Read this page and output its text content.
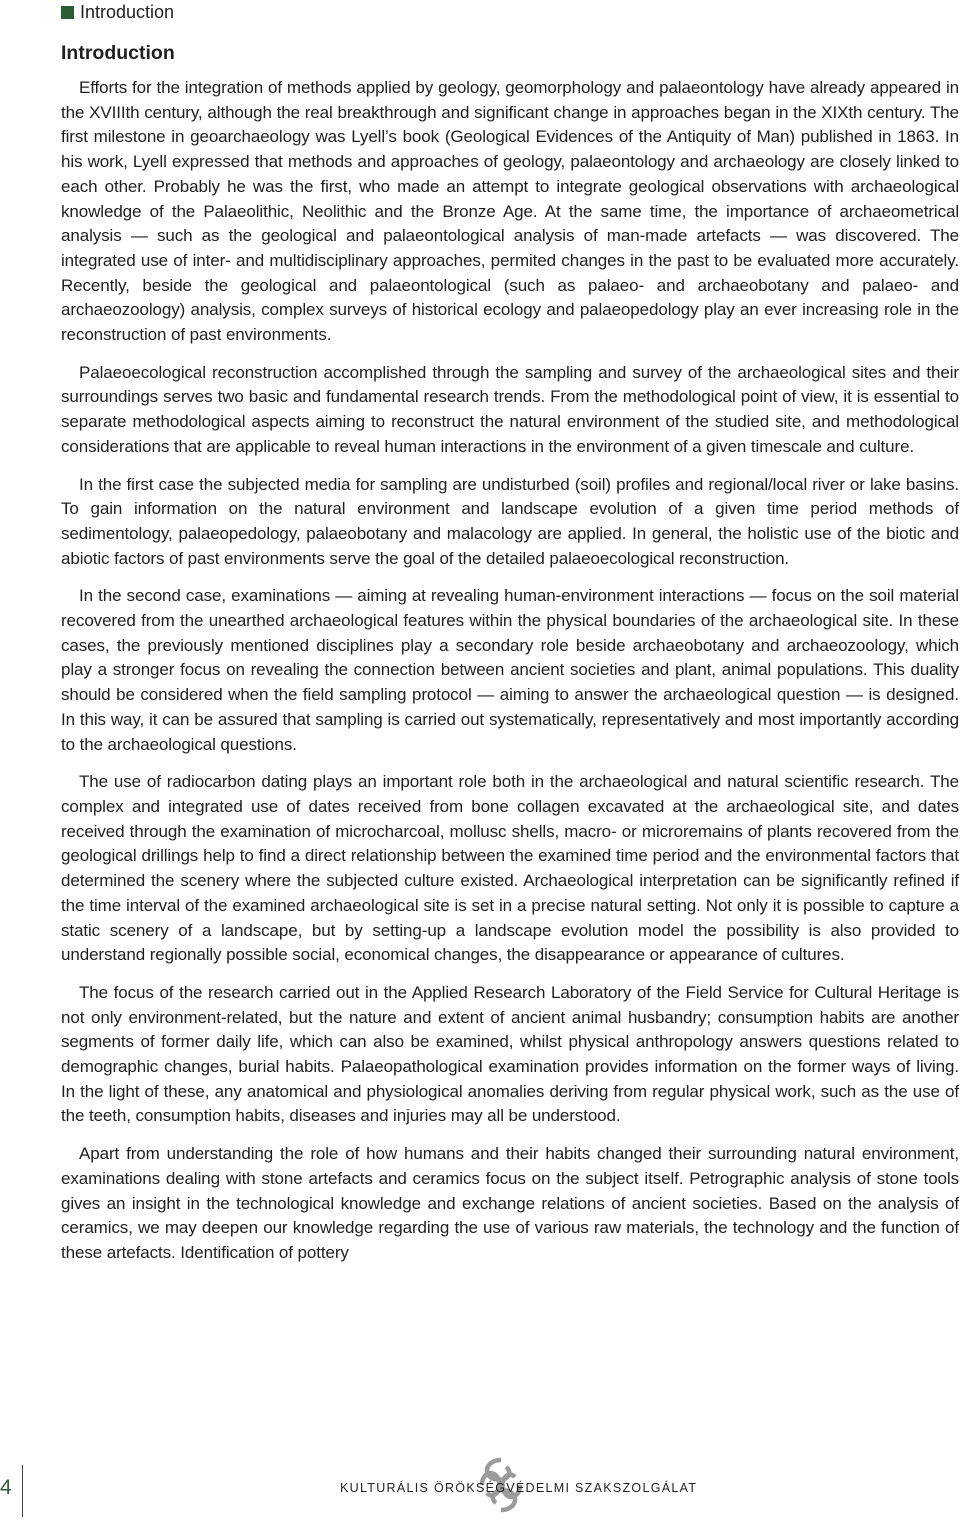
Introduction
Introduction

Efforts for the integration of methods applied by geology, geomorphology and palaeontology have already appeared in the XVIIIth century, although the real breakthrough and significant change in approaches began in the XIXth century. The first milestone in geoarchaeology was Lyell’s book (Geological Evidences of the Antiquity of Man) published in 1863. In his work, Lyell expressed that methods and approaches of geology, palaeontology and archaeology are closely linked to each other. Probably he was the first, who made an attempt to integrate geological observations with archaeological knowledge of the Palaeolithic, Neolithic and the Bronze Age. At the same time, the importance of archaeometrical analysis — such as the geological and palaeontological analysis of man-made artefacts — was discovered. The integrated use of inter- and multidisciplinary approaches, permited changes in the past to be evaluated more accurately. Recently, beside the geological and palaeontological (such as palaeo- and archaeobotany and palaeo- and archaeozoology) analysis, complex surveys of historical ecology and palaeopedology play an ever increasing role in the reconstruction of past environments.

Palaeoecological reconstruction accomplished through the sampling and survey of the archaeological sites and their surroundings serves two basic and fundamental research trends. From the methodological point of view, it is essential to separate methodological aspects aiming to reconstruct the natural environment of the studied site, and methodological considerations that are applicable to reveal human interactions in the environment of a given timescale and culture.

In the first case the subjected media for sampling are undisturbed (soil) profiles and regional/local river or lake basins. To gain information on the natural environment and landscape evolution of a given time period methods of sedimentology, palaeopedology, palaeobotany and malacology are applied. In general, the holistic use of the biotic and abiotic factors of past environments serve the goal of the detailed palaeoecological reconstruction.

In the second case, examinations — aiming at revealing human-environment interactions — focus on the soil material recovered from the unearthed archaeological features within the physical boundaries of the archaeological site. In these cases, the previously mentioned disciplines play a secondary role beside archaeobotany and archaeozoology, which play a stronger focus on revealing the connection between ancient societies and plant, animal populations. This duality should be considered when the field sampling protocol — aiming to answer the archaeological question — is designed. In this way, it can be assured that sampling is carried out systematically, representatively and most importantly according to the archaeological questions.

The use of radiocarbon dating plays an important role both in the archaeological and natural scientific research. The complex and integrated use of dates received from bone collagen excavated at the archaeological site, and dates received through the examination of microcharcoal, mollusc shells, macro- or microremains of plants recovered from the geological drillings help to find a direct relationship between the examined time period and the environmental factors that determined the scenery where the subjected culture existed. Archaeological interpretation can be significantly refined if the time interval of the examined archaeological site is set in a precise natural setting. Not only it is possible to capture a static scenery of a landscape, but by setting-up a landscape evolution model the possibility is also provided to understand regionally possible social, economical changes, the disappearance or appearance of cultures.

The focus of the research carried out in the Applied Research Laboratory of the Field Service for Cultural Heritage is not only environment-related, but the nature and extent of ancient animal husbandry; consumption habits are another segments of former daily life, which can also be examined, whilst physical anthropology answers questions related to demographic changes, burial habits. Palaeopathological examination provides information on the former ways of living. In the light of these, any anatomical and physiological anomalies deriving from regular physical work, such as the use of the teeth, consumption habits, diseases and injuries may all be understood.

Apart from understanding the role of how humans and their habits changed their surrounding natural environment, examinations dealing with stone artefacts and ceramics focus on the subject itself. Petrographic analysis of stone tools gives an insight in the technological knowledge and exchange relations of ancient societies. Based on the analysis of ceramics, we may deepen our knowledge regarding the use of various raw materials, the technology and the function of these artefacts. Identification of pottery

4	KULTURÁLIS ÖRÖKSÉGVÉDELMI SZAKSZOLGÁLAT
